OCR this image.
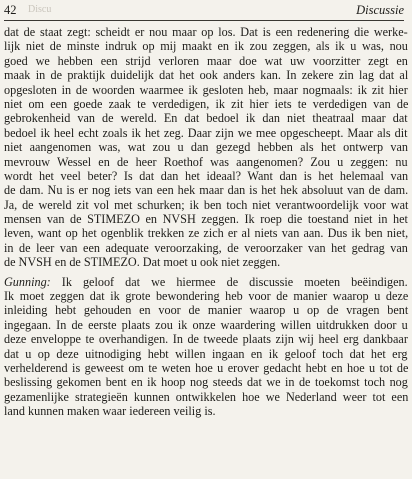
42 Discu	Discussie
dat de staat zegt: scheidt er nou maar op los. Dat is een redenering die werke-
lijk niet de minste indruk op mij maakt en ik zou zeggen, als ik u was, nou
goed we hebben een strijd verloren maar doe wat uw voorzitter zegt en
maak in de praktijk duidelijk dat het ook anders kan. In zekere zin lag dat al
opgesloten in de woorden waarmee ik gesloten heb, maar nogmaals: ik zit hier
niet om een goede zaak te verdedigen, ik zit hier iets te verdedigen van de
gebrokenheid van de wereld. En dat bedoel ik dan niet theatraal maar dat
bedoel ik heel echt zoals ik het zeg. Daar zijn we mee opgescheept. Maar als dit
niet aangenomen was, wat zou u dan gezegd hebben als het ontwerp van
mevrouw Wessel en de heer Roethof was aangenomen? Zou u zeggen: nu
wordt het veel beter? Is dat dan het ideaal? Want dan is het helemaal van
de dam. Nu is er nog iets van een hek maar dan is het hek absoluut van de dam.
Ja, de wereld zit vol met schurken; ik ben toch niet verantwoordelijk voor wat
mensen van de STIMEZO en NVSH zeggen. Ik roep die toestand niet in het
leven, want op het ogenblik trekken ze zich er al niets van aan. Dus ik ben niet,
in de leer van een adequate veroorzaking, de veroorzaker van het gedrag van
de NVSH en de STIMEZO. Dat moet u ook niet zeggen.
Gunning: Ik geloof dat we hiermee de discussie moeten beëindigen.
Ik moet zeggen dat ik grote bewondering heb voor de manier waarop u deze
inleiding hebt gehouden en voor de manier waarop u op de vragen bent
ingegaan. In de eerste plaats zou ik onze waardering willen uitdrukken door u
deze enveloppe te overhandigen. In de tweede plaats zijn wij heel erg dankbaar
dat u op deze uitnodiging hebt willen ingaan en ik geloof toch dat het erg
verhelderend is geweest om te weten hoe u erover gedacht hebt en hoe u tot de
beslissing gekomen bent en ik hoop nog steeds dat we in de toekomst toch nog
gezamenlijke strategieën kunnen ontwikkelen hoe we Nederland weer tot een
land kunnen maken waar iedereen veilig is.
